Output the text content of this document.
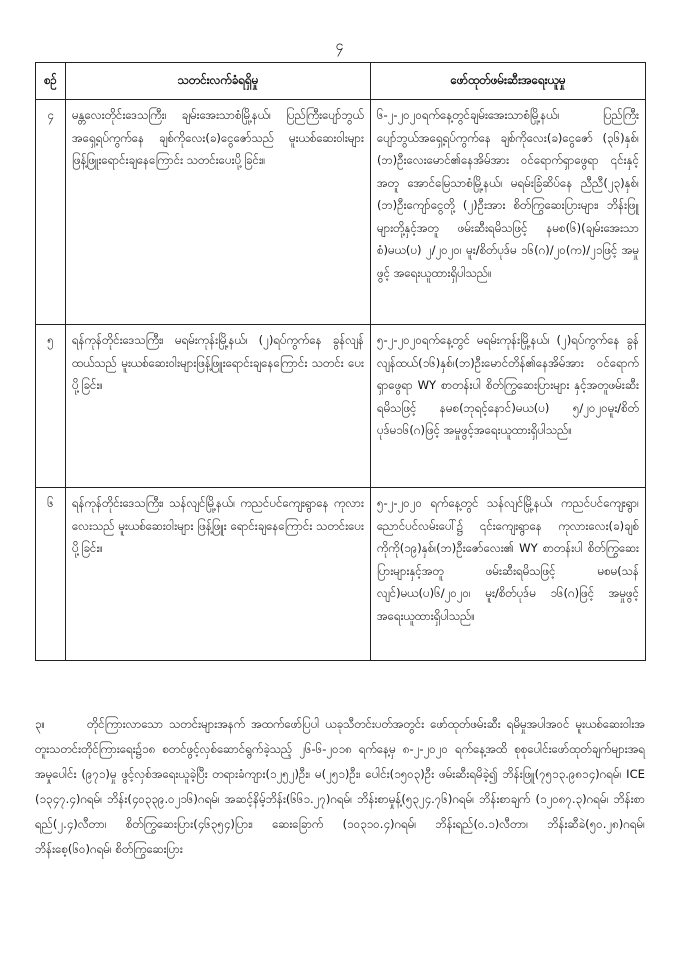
၄
စဉ်	သတင်းလက်ခံရရှိမှု	ဖော်ထုတ်ဖမ်းဆီးအရေးယူမှု
၄	မန္တလေးတိုင်းဒေသကြီး၊ ချမ်းအေးသာစံမြို့နယ်၊ ပြည်ကြီးပျော်ဘွယ်အရှေ့ရပ်ကွက်နေ ချစ်ကိုလေး(ခ)ငွေဇော်သည် မူးယစ်ဆေးဝါးများ ဖြန့်ဖြူးရောင်းချနေကြောင်း သတင်းပေးပို့ခြင်း။	၆-၂-၂၀၂၀ရက်နေ့တွင်ချမ်းအေးသာစံမြို့နယ်၊ ပြည်ကြီးပျော်ဘွယ်အရှေ့ရပ်ကွက်နေ ချစ်ကိုလေး(ခ)ငွေဇော် (၃၆)နှစ်၊ (ဘ)ဦးလေးမောင်၏နေအိမ်အား ဝင်ရောက်ရှာဖွေရာ ၎င်းနှင့်အတူ အောင်မြေသာစံမြို့နယ်၊ မရမ်းခြံဆိပ်နေ ညီညီ(၂၃)နှစ်၊(ဘ)ဦးကျော်ငွေတို့ (၂)ဦးအား စိတ်ကြွဆေးပြားများ၊ ဘိန်းဖြူများတို့နှင့်အတူ ဖမ်းဆီးရမိသဖြင့် နမစ(၆)(ချမ်းအေးသာစံ)မယ(ပ) ၂/၂၀၂၀၊ မူး/စိတ်ပုဒ်မ ၁၆(ဂ)/၂၀(က)/၂၁ဖြင့် အမှုဖွင့် အရေးယူထားရှိပါသည်။
၅	ရန်ကုန်တိုင်းဒေသကြီး၊ မရမ်းကုန်းမြို့နယ်၊ (၂)ရပ်ကွက်နေ ခွန်လျန်ထယ်သည် မူးယစ်ဆေးဝါးများဖြန့်ဖြူးရောင်းချနေကြောင်း သတင်း ပေးပို့ခြင်း။	၅-၂-၂၀၂၀ရက်နေ့တွင် မရမ်းကုန်းမြို့နယ်၊ (၂)ရပ်ကွက်နေ ခွန်လျန်ထယ်(၁၆)နှစ်၊(ဘ)ဦးမောင်တိန်၏နေအိမ်အား ဝင်ရောက်ရှာဖွေရာ WY စာတန်းပါ စိတ်ကြွဆေးပြားများ နှင့်အတူဖမ်းဆီးရမိသဖြင့် နမစ(ဘုရင့်နောင်)မယ(ပ) ၅/၂၀၂၀မူး/စိတ်ပုဒ်မ၁၆(ဂ)ဖြင့် အမှုဖွင့်အရေးယူထားရှိပါသည်။
၆	ရန်ကုန်တိုင်းဒေသကြီး၊ သန်လျင်မြို့နယ်၊ ကညင်ပင်ကျေးရွာနေ ကုလားလေးသည် မူးယစ်ဆေးဝါးများ ဖြန့်ဖြူး ရောင်းချနေကြောင်း သတင်းပေးပို့ခြင်း။	၅-၂-၂၀၂၀ ရက်နေ့တွင် သန်လျင်မြို့နယ်၊ ကညင်ပင်ကျေးရွာ၊ ညောင်ပင်လမ်းပေါ်၌ ၎င်းကျေးရွာနေ ကုလားလေး(ခ)ချစ်ကိုကို(၁၉)နှစ်၊(ဘ)ဦးဇော်လေး၏ WY စာတန်းပါ စိတ်ကြွဆေးပြားများနှင့်အတူ ဖမ်းဆီးရမိသဖြင့် မစမ(သန်လျင်)မယ(ပ)၆/၂၀၂၀၊ မူး/စိတ်ပုဒ်မ ၁၆(ဂ)ဖြင့် အမှုဖွင့်အရေးယူထားရှိပါသည်။
၃။	တိုင်ကြားလာသော သတင်းများအနက် အထက်ဖော်ပြပါ ယခုသီတင်းပတ်အတွင်း ဖော်ထုတ်ဖမ်းဆီး ရမိမှုအပါအဝင် မူးယစ်ဆေးဝါးအတူးသတင်းတိုင်ကြားရေး၌၁၈ စတင်ဖွင့်လှစ်ဆောင်ရွက်ခဲ့သည့် ၂၆-၆-၂၀၁၈ ရက်နေ့မှ ၈-၂-၂၀၂၀ ရက်နေ့အထိ စုစုပေါင်းဖော်ထုတ်ချက်များအရ အမှုပေါင်း (၉၇၁)မှု ဖွင့်လှစ်အရေးယူခဲ့ပြီး တရားခံကျား(၁၂၅၂)ဦး၊ မ(၂၅၁)ဦး၊ ပေါင်း(၁၅၀၃)ဦး ဖမ်းဆီးရမိခဲ့၍ ဘိန်းဖြူ(၇၅၁၃.၉၈၁၄)ဂရမ်၊ ICE (၁၃၄၇.၄)ဂရမ်၊ ဘိန်း(၄၀၃၃၉.၀၂၁၆)ဂရမ်၊ အဆင့်နိမ့်ဘိန်း(၆၆၁.၂၇)ဂရမ်၊ ဘိန်းစာမှုန့်(၅၃၂၄.၇၆)ဂရမ်၊ ဘိန်းစာချက် (၁၂၀၈၇.၃)ဂရမ်၊ ဘိန်းစာရည်(၂.၄)လီတာ၊ စိတ်ကြွဆေးပြား(၄၆၃၅၄)ပြား၊ ဆေးခြောက် (၁၀၃၁၀.၄)ဂရမ်၊ ဘိန်းရည်(၀.၁)လီတာ၊ ဘိန်းဆီခဲ(၅၀.၂၈)ဂရမ်၊ ဘိန်းစေ့(၆၀)ဂရမ်၊ စိတ်ကြွဆေးပြား
